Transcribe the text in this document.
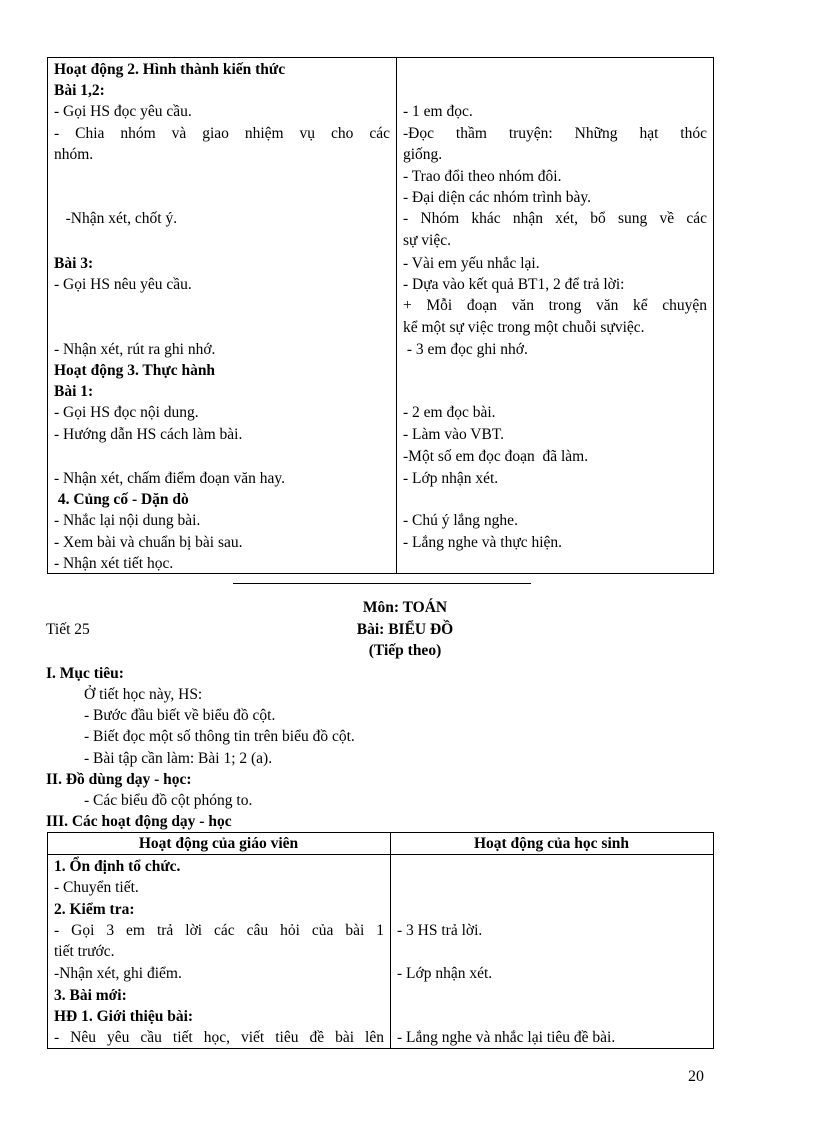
Hoạt động 2. Hình thành kiến thức
Bài 1,2:
- Gọi HS đọc yêu cầu.
- Chia nhóm và giao nhiệm vụ cho các
nhóm.
-Nhận xét, chốt ý.
Bài 3:
- Gọi HS nêu yêu cầu.
- Nhận xét, rút ra ghi nhớ.
Hoạt động 3. Thực hành
Bài 1:
- Gọi HS đọc nội dung.
- Hướng dẫn HS cách làm bài.
- Nhận xét, chấm điểm đoạn văn hay.
4. Củng cố - Dặn dò
- Nhắc lại nội dung bài.
- Xem bài và chuẩn bị bài sau.
- Nhận xét tiết học.
- 1 em đọc.
-Đọc thầm truyện: Những hạt thóc
giống.
- Trao đổi theo nhóm đôi.
- Đại diện các nhóm trình bày.
- Nhóm khác nhận xét, bổ sung về các
sự việc.
- Vài em yếu nhắc lại.
- Dựa vào kết quả BT1, 2 để trả lời:
+ Mỗi đoạn văn trong văn kể chuyện
kể một sự việc trong một chuỗi sựviệc.
- 3 em đọc ghi nhớ.
- 2 em đọc bài.
- Làm vào VBT.
-Một số em đọc đoạn  đã làm.
- Lớp nhận xét.
- Chú ý lắng nghe.
- Lắng nghe và thực hiện.
Môn: TOÁN
Tiết 25	Bài: BIỂU ĐỒ
(Tiếp theo)
I. Mục tiêu:
Ở tiết học này, HS:
- Bước đầu biết về biểu đồ cột.
- Biết đọc một số thông tin trên biểu đồ cột.
- Bài tập cần làm: Bài 1; 2 (a).
II. Đồ dùng dạy - học:
- Các biểu đồ cột phóng to.
III. Các hoạt động dạy - học
Hoạt động của giáo viên	Hoạt động của học sinh
1. Ổn định tổ chức.
- Chuyển tiết.
2. Kiểm tra:
- Gọi 3 em trả lời các câu hỏi của bài 1
tiết trước.
-Nhận xét, ghi điểm.
3. Bài mới:
HĐ 1. Giới thiệu bài:
- Nêu yêu cầu tiết học, viết tiêu đề bài lên
- 3 HS trả lời.
- Lớp nhận xét.
- Lắng nghe và nhắc lại tiêu đề bài.
20
